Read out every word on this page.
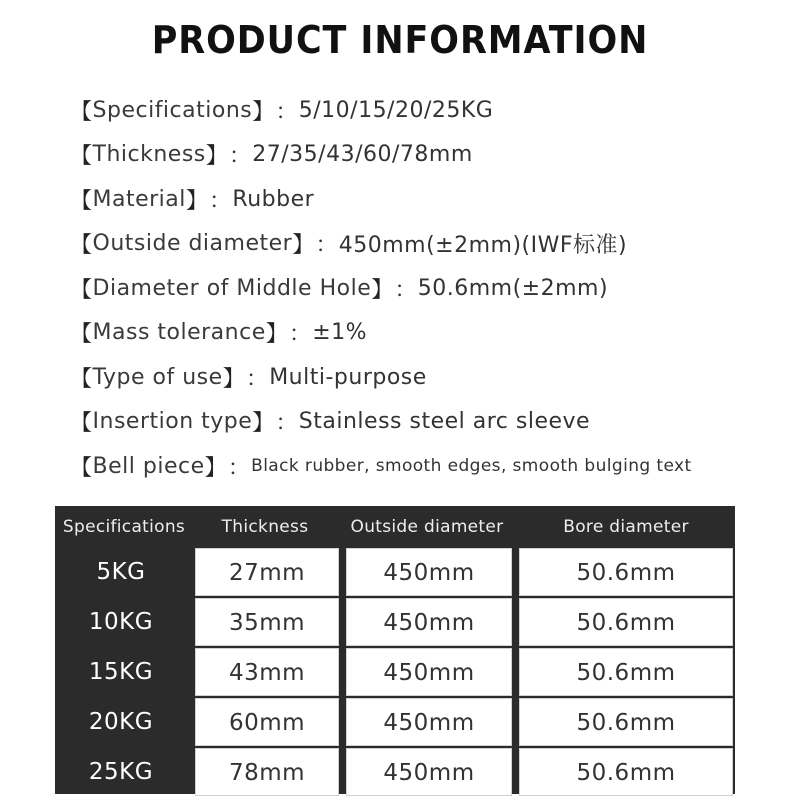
PRODUCT INFORMATION
【 Specifications 】 ： 5/10/15/20/25KG
【 Thickness 】 ： 27/35/43/60/78mm
【 Material 】 ： Rubber
【 Outside diameter 】 ： 450mm(±2mm)(IWF标准)
【 Diameter of Middle Hole 】 ： 50.6mm(±2mm)
【 Mass tolerance 】 ： ±1%
【 Type of use 】 ： Multi-purpose
【 Insertion type 】 ： Stainless steel arc sleeve
【 Bell piece 】 ： Black rubber, smooth edges, smooth bulging text
Specifications	Thickness	Outside diameter	Bore diameter
5KG	27mm	450mm	50.6mm
10KG	35mm	450mm	50.6mm
15KG	43mm	450mm	50.6mm
20KG	60mm	450mm	50.6mm
25KG	78mm	450mm	50.6mm
